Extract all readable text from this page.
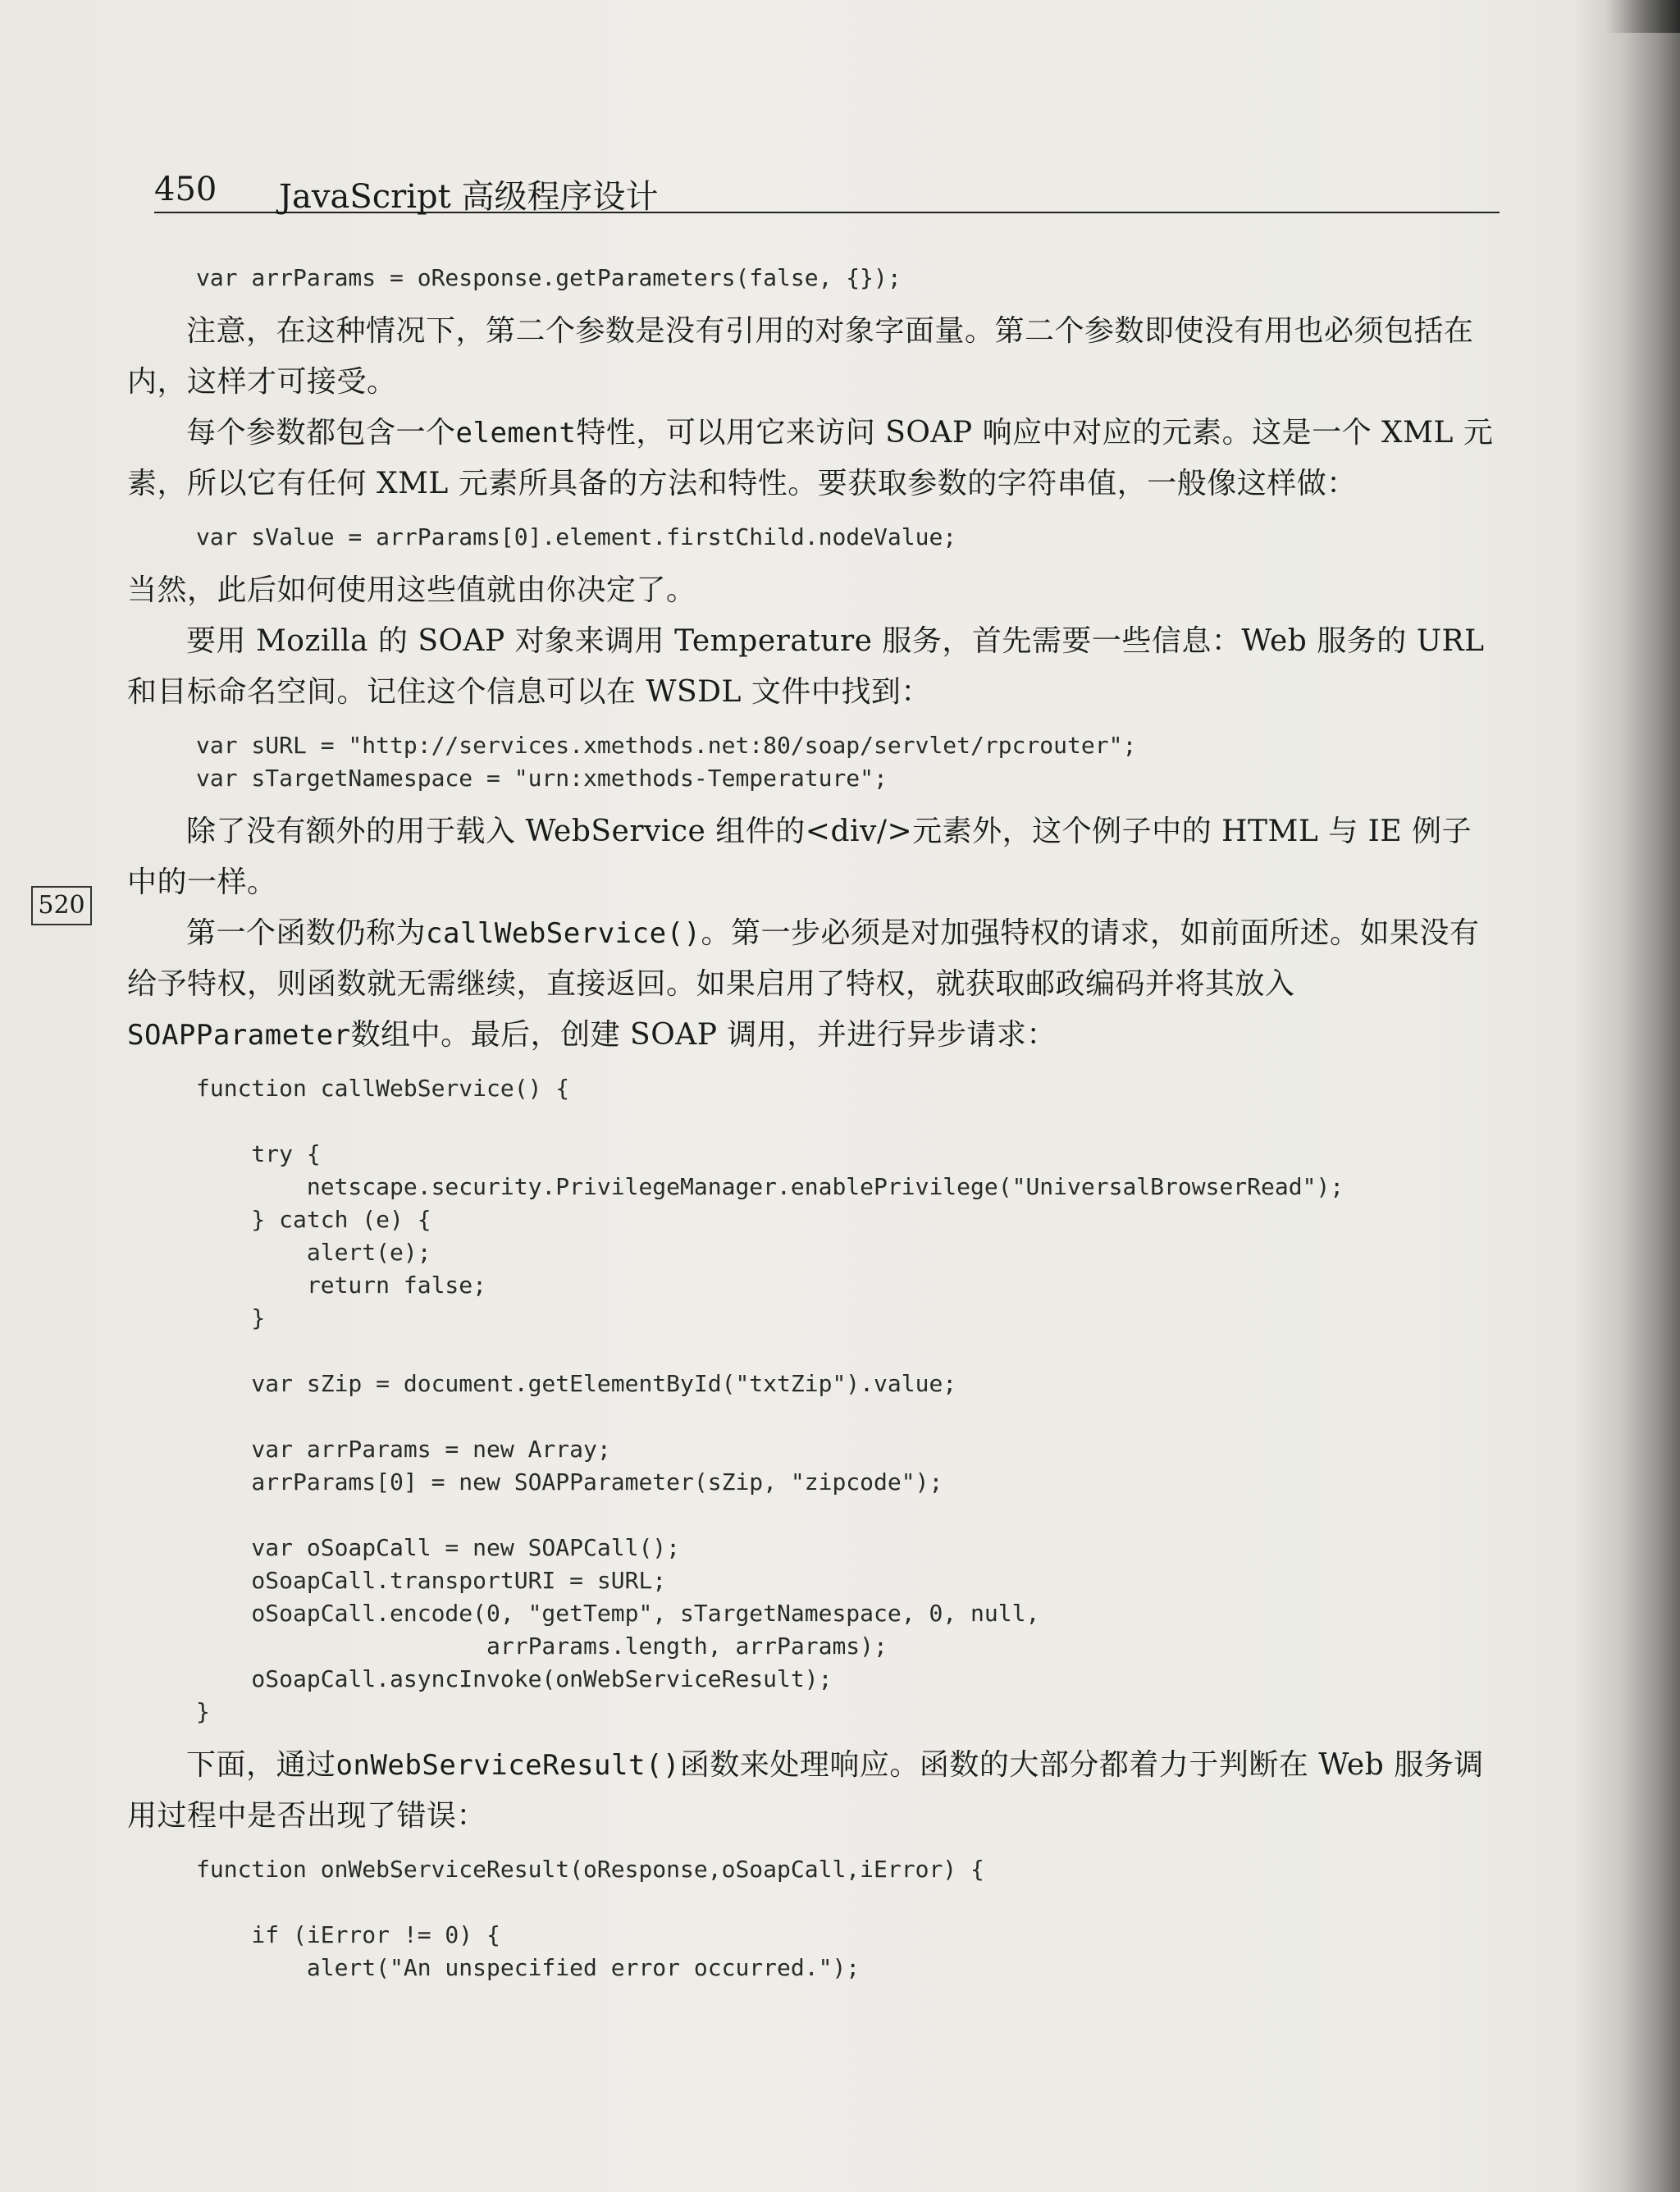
450 JavaScript 高级程序设计
520
var arrParams = oResponse.getParameters(false, {});

注意，在这种情况下，第二个参数是没有引用的对象字面量。第二个参数即使没有用也必须包括在内，这样才可接受。

每个参数都包含一个element特性，可以用它来访问 SOAP 响应中对应的元素。这是一个 XML 元素，所以它有任何 XML 元素所具备的方法和特性。要获取参数的字符串值，一般像这样做：

var sValue = arrParams[0].element.firstChild.nodeValue;

当然，此后如何使用这些值就由你决定了。

要用 Mozilla 的 SOAP 对象来调用 Temperature 服务，首先需要一些信息：Web 服务的 URL 和目标命名空间。记住这个信息可以在 WSDL 文件中找到：

var sURL = "http://services.xmethods.net:80/soap/servlet/rpcrouter";
var sTargetNamespace = "urn:xmethods-Temperature";

除了没有额外的用于载入 WebService 组件的<div/>元素外，这个例子中的 HTML 与 IE 例子中的一样。

第一个函数仍称为callWebService()。第一步必须是对加强特权的请求，如前面所述。如果没有给予特权，则函数就无需继续，直接返回。如果启用了特权，就获取邮政编码并将其放入SOAPParameter数组中。最后，创建 SOAP 调用，并进行异步请求：

function callWebService() {

try {
netscape.security.PrivilegeManager.enablePrivilege("UniversalBrowserRead");
} catch (e) {
alert(e);
return false;
}

var sZip = document.getElementById("txtZip").value;

var arrParams = new Array;
arrParams[0] = new SOAPParameter(sZip, "zipcode");

var oSoapCall = new SOAPCall();
oSoapCall.transportURI = sURL;
oSoapCall.encode(0, "getTemp", sTargetNamespace, 0, null,
arrParams.length, arrParams);
oSoapCall.asyncInvoke(onWebServiceResult);
}

下面，通过onWebServiceResult()函数来处理响应。函数的大部分都着力于判断在 Web 服务调用过程中是否出现了错误：

function onWebServiceResult(oResponse,oSoapCall,iError) {

if (iError != 0) {
alert("An unspecified error occurred.");
